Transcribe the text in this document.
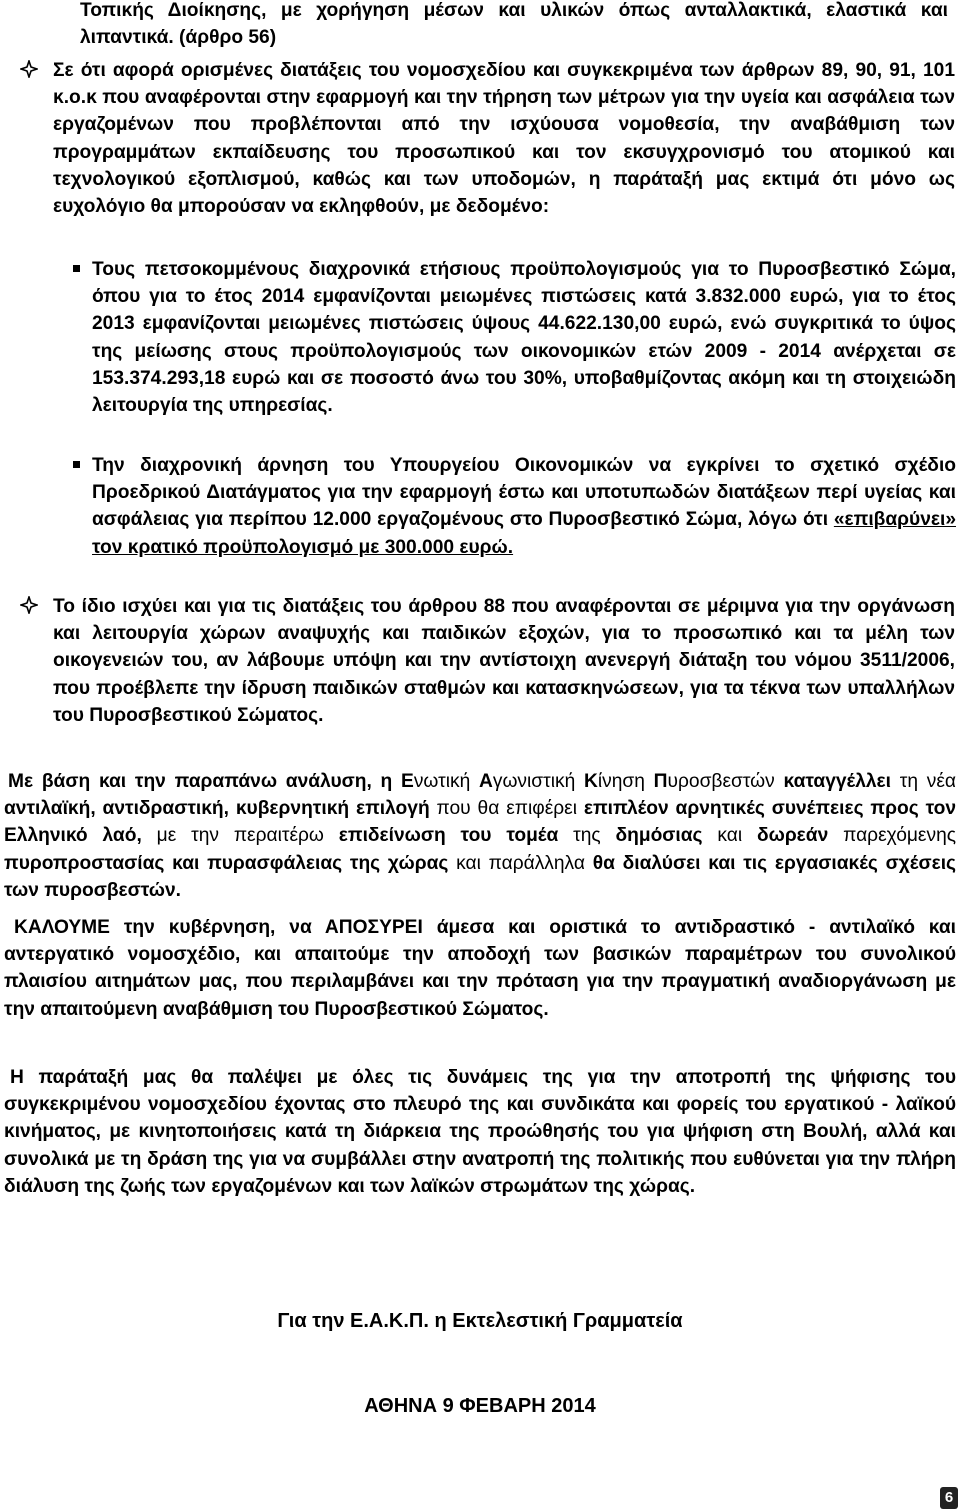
Τοπικής Διοίκησης, με χορήγηση μέσων και υλικών όπως ανταλλακτικά, ελαστικά και λιπαντικά. (άρθρο 56)

Σε ότι αφορά ορισμένες διατάξεις του νομοσχεδίου και συγκεκριμένα των άρθρων 89, 90, 91, 101 κ.ο.κ που αναφέρονται στην εφαρμογή και την τήρηση των μέτρων για την υγεία και ασφάλεια των εργαζομένων που προβλέπονται από την ισχύουσα νομοθεσία, την αναβάθμιση των προγραμμάτων εκπαίδευσης του προσωπικού και τον εκσυγχρονισμό του ατομικού και τεχνολογικού εξοπλισμού, καθώς και των υποδομών, η παράταξή μας εκτιμά ότι μόνο ως ευχολόγιο θα μπορούσαν να εκληφθούν, με δεδομένο:

Τους πετσοκομμένους διαχρονικά ετήσιους προϋπολογισμούς για το Πυροσβεστικό Σώμα, όπου για το έτος 2014 εμφανίζονται μειωμένες πιστώσεις κατά 3.832.000 ευρώ, για το έτος 2013 εμφανίζονται μειωμένες πιστώσεις ύψους 44.622.130,00 ευρώ, ενώ συγκριτικά το ύψος της μείωσης στους προϋπολογισμούς των οικονομικών ετών 2009 - 2014 ανέρχεται σε 153.374.293,18 ευρώ και σε ποσοστό άνω του 30%, υποβαθμίζοντας ακόμη και τη στοιχειώδη λειτουργία της υπηρεσίας.

Την διαχρονική άρνηση του Υπουργείου Οικονομικών να εγκρίνει το σχετικό σχέδιο Προεδρικού Διατάγματος για την εφαρμογή έστω και υποτυπωδών διατάξεων περί υγείας και ασφάλειας για περίπου 12.000 εργαζομένους στο Πυροσβεστικό Σώμα, λόγω ότι «επιβαρύνει» τον κρατικό προϋπολογισμό με 300.000 ευρώ.

Το ίδιο ισχύει και για τις διατάξεις του άρθρου 88 που αναφέρονται σε μέριμνα για την οργάνωση και λειτουργία χώρων αναψυχής και παιδικών εξοχών, για το προσωπικό και τα μέλη των οικογενειών του, αν λάβουμε υπόψη και την αντίστοιχη ανενεργή διάταξη του νόμου 3511/2006, που προέβλεπε την ίδρυση παιδικών σταθμών και κατασκηνώσεων, για τα τέκνα των υπαλλήλων του Πυροσβεστικού Σώματος.

Με βάση και την παραπάνω ανάλυση, η Ενωτική Αγωνιστική Κίνηση Πυροσβεστών καταγγέλλει τη νέα αντιλαϊκή, αντιδραστική, κυβερνητική επιλογή που θα επιφέρει επιπλέον αρνητικές συνέπειες προς τον Ελληνικό λαό, με την περαιτέρω επιδείνωση του τομέα της δημόσιας και δωρεάν παρεχόμενης πυροπροστασίας και πυρασφάλειας της χώρας και παράλληλα θα διαλύσει και τις εργασιακές σχέσεις των πυροσβεστών.

ΚΑΛΟΥΜΕ την κυβέρνηση, να ΑΠΟΣΥΡΕΙ άμεσα και οριστικά το αντιδραστικό - αντιλαϊκό και αντεργατικό νομοσχέδιο, και απαιτούμε την αποδοχή των βασικών παραμέτρων του συνολικού πλαισίου αιτημάτων μας, που περιλαμβάνει και την πρόταση για την πραγματική αναδιοργάνωση με την απαιτούμενη αναβάθμιση του Πυροσβεστικού Σώματος.

Η παράταξή μας θα παλέψει με όλες τις δυνάμεις της για την αποτροπή της ψήφισης του συγκεκριμένου νομοσχεδίου έχοντας στο πλευρό της και συνδικάτα και φορείς του εργατικού - λαϊκού κινήματος, με κινητοποιήσεις κατά τη διάρκεια της προώθησής του για ψήφιση στη Βουλή, αλλά και συνολικά με τη δράση της για να συμβάλλει στην ανατροπή της πολιτικής που ευθύνεται για την πλήρη διάλυση της ζωής των εργαζομένων και των λαϊκών στρωμάτων της χώρας.

Για την Ε.Α.Κ.Π. η Εκτελεστική Γραμματεία
ΑΘΗΝΑ 9 ΦΕΒΑΡΗ 2014
6
